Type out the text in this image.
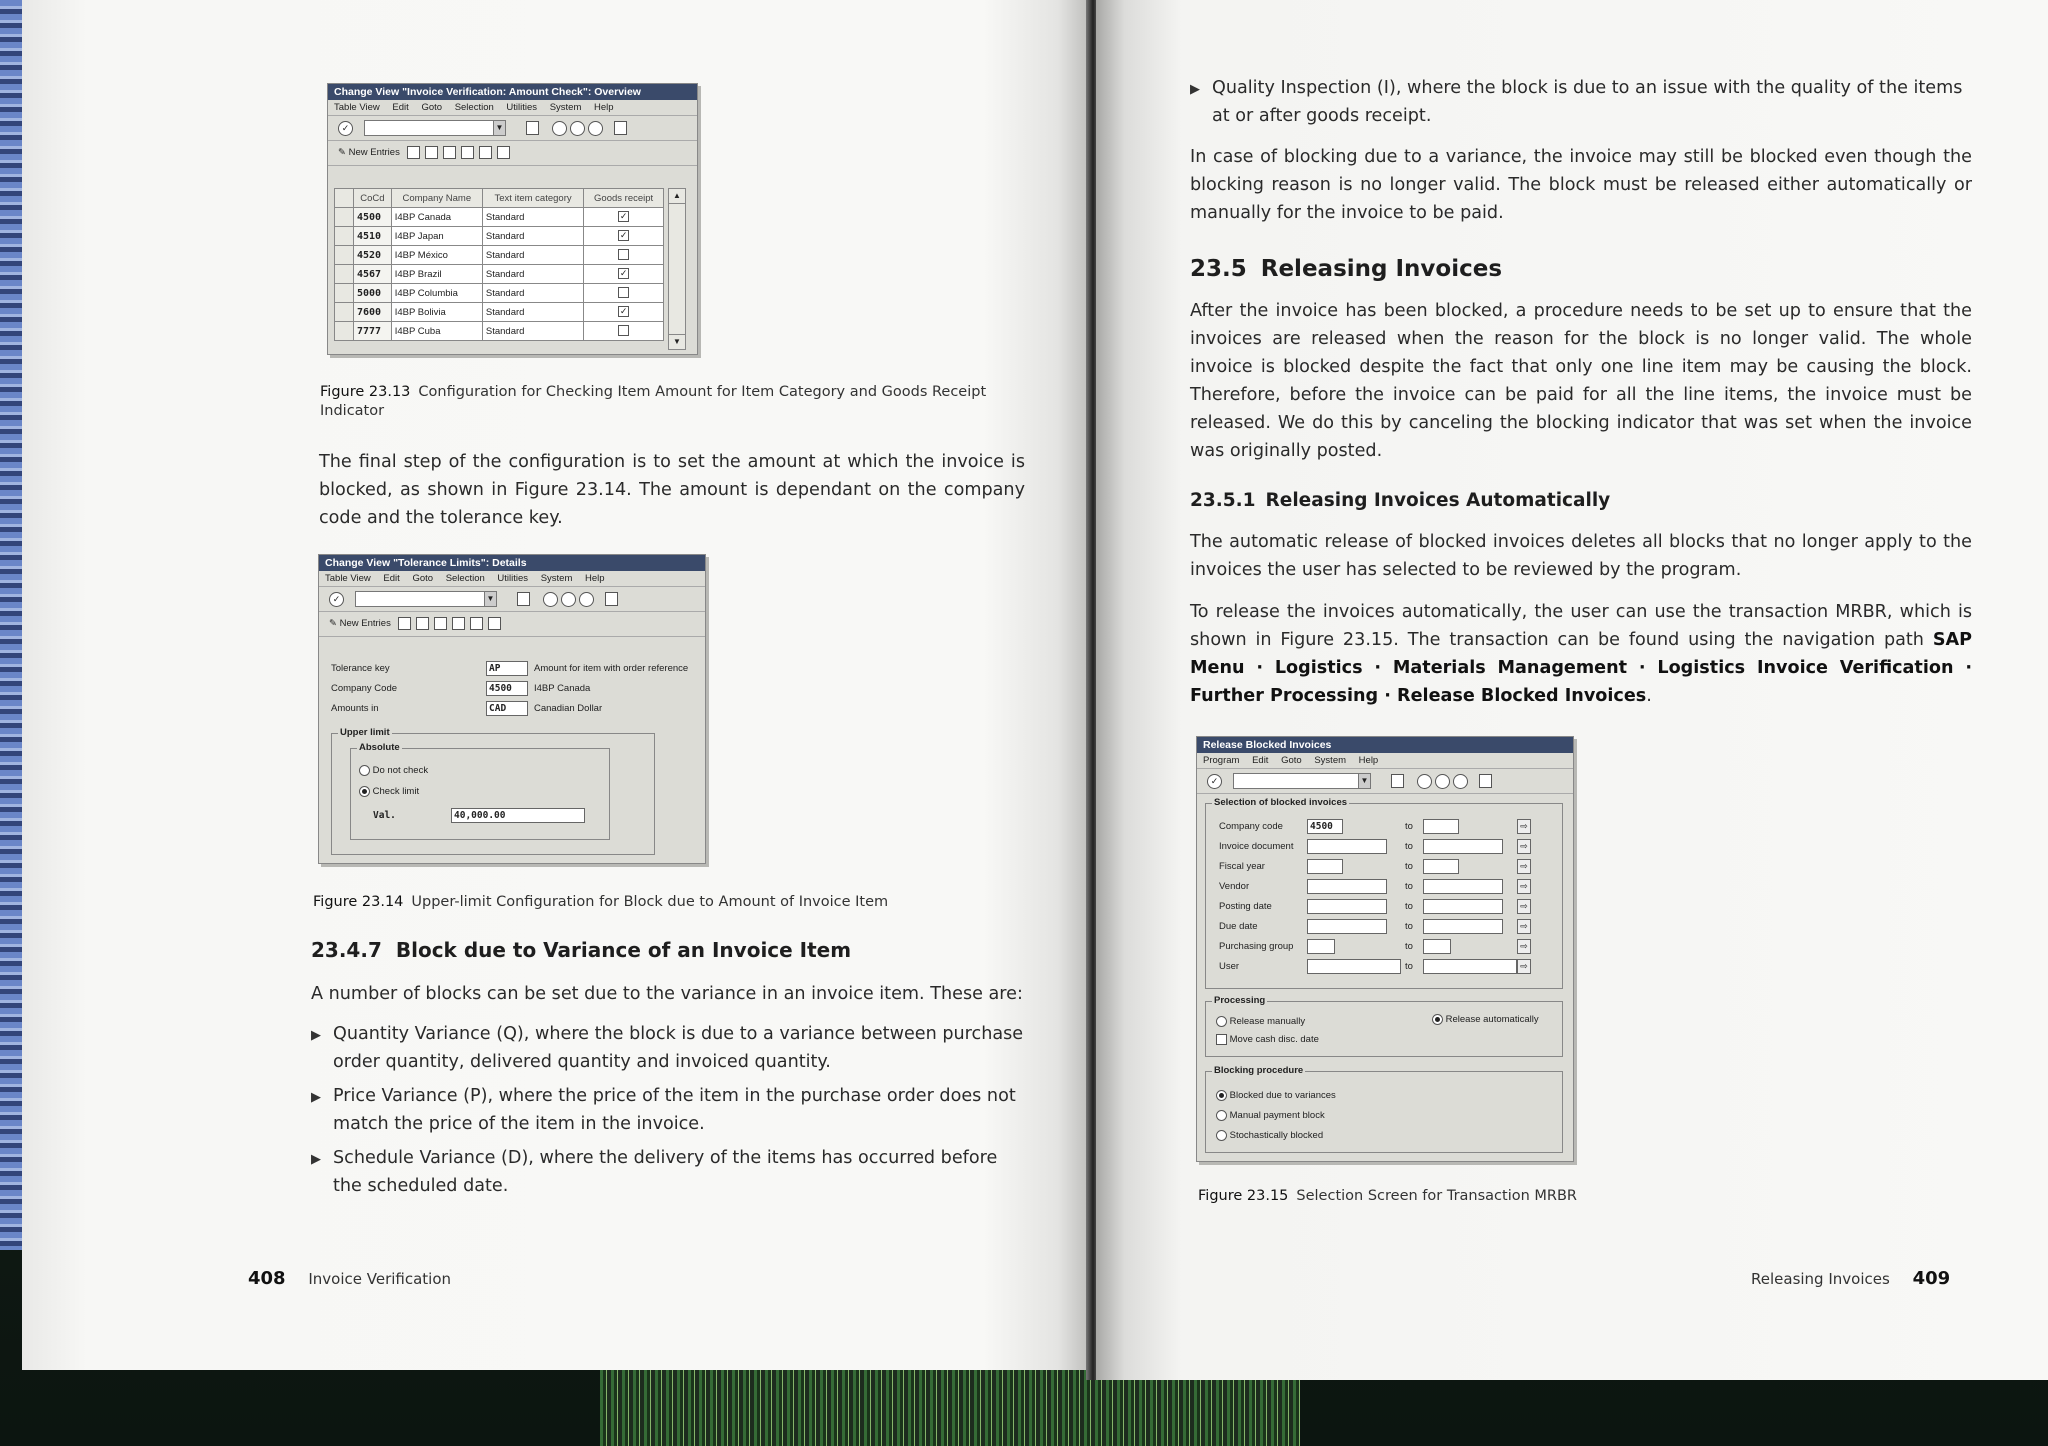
Change View "Invoice Verification: Amount Check": Overview
Table View Edit Goto Selection Utilities System Help
✓	▼
✎ New Entries
	CoCd	Company Name	Text item category	Goods receipt
	4500	I4BP Canada	Standard	✓
	4510	I4BP Japan	Standard	✓
	4520	I4BP México	Standard	
	4567	I4BP Brazil	Standard	✓
	5000	I4BP Columbia	Standard	
	7600	I4BP Bolivia	Standard	✓
	7777	I4BP Cuba	Standard	
▲
▼
Figure 23.13 Configuration for Checking Item Amount for Item Category and Goods Receipt Indicator
The final step of the configuration is to set the amount at which the invoice is blocked, as shown in Figure 23.14. The amount is dependant on the company code and the tolerance key.
Change View "Tolerance Limits": Details
Table View Edit Goto Selection Utilities System Help
✓	▼
✎ New Entries
Tolerance key	AP	Amount for item with order reference
Company Code	4500 I4BP Canada
Amounts in	CAD	Canadian Dollar
Upper limit
Absolute
Do not check
Check limit
Val.	40,000.00
Figure 23.14 Upper-limit Configuration for Block due to Amount of Invoice Item
23.4.7 Block due to Variance of an Invoice Item
A number of blocks can be set due to the variance in an invoice item. These are:
▶ Quantity Variance (Q), where the block is due to a variance between purchase order quantity, delivered quantity and invoiced quantity.
▶ Price Variance (P), where the price of the item in the purchase order does not match the price of the item in the invoice.
▶ Schedule Variance (D), where the delivery of the items has occurred before the scheduled date.
408 Invoice Verification
▶ Quality Inspection (I), where the block is due to an issue with the quality of the items at or after goods receipt.
In case of blocking due to a variance, the invoice may still be blocked even though the blocking reason is no longer valid. The block must be released either automatically or manually for the invoice to be paid.
23.5 Releasing Invoices
After the invoice has been blocked, a procedure needs to be set up to ensure that the invoices are released when the reason for the block is no longer valid. The whole invoice is blocked despite the fact that only one line item may be causing the block. Therefore, before the invoice can be paid for all the line items, the invoice must be released. We do this by canceling the blocking indicator that was set when the invoice was originally posted.
23.5.1 Releasing Invoices Automatically
The automatic release of blocked invoices deletes all blocks that no longer apply to the invoices the user has selected to be reviewed by the program.
To release the invoices automatically, the user can use the transaction MRBR, which is shown in Figure 23.15. The transaction can be found using the navigation path SAP Menu · Logistics · Materials Management · Logistics Invoice Verification · Further Processing · Release Blocked Invoices.
Release Blocked Invoices
Program Edit Goto System Help
✓	▼
Selection of blocked invoices
Company code	4500	to	⇨
Invoice document	to	⇨
Fiscal year	to	⇨
Vendor	to	⇨
Posting date	to	⇨
Due date	to	⇨
Purchasing group	to	⇨
User	to	⇨
Processing
Release manually	Release automatically
Move cash disc. date
Blocking procedure
Blocked due to variances
Manual payment block
Stochastically blocked
Figure 23.15 Selection Screen for Transaction MRBR
Releasing Invoices 409
